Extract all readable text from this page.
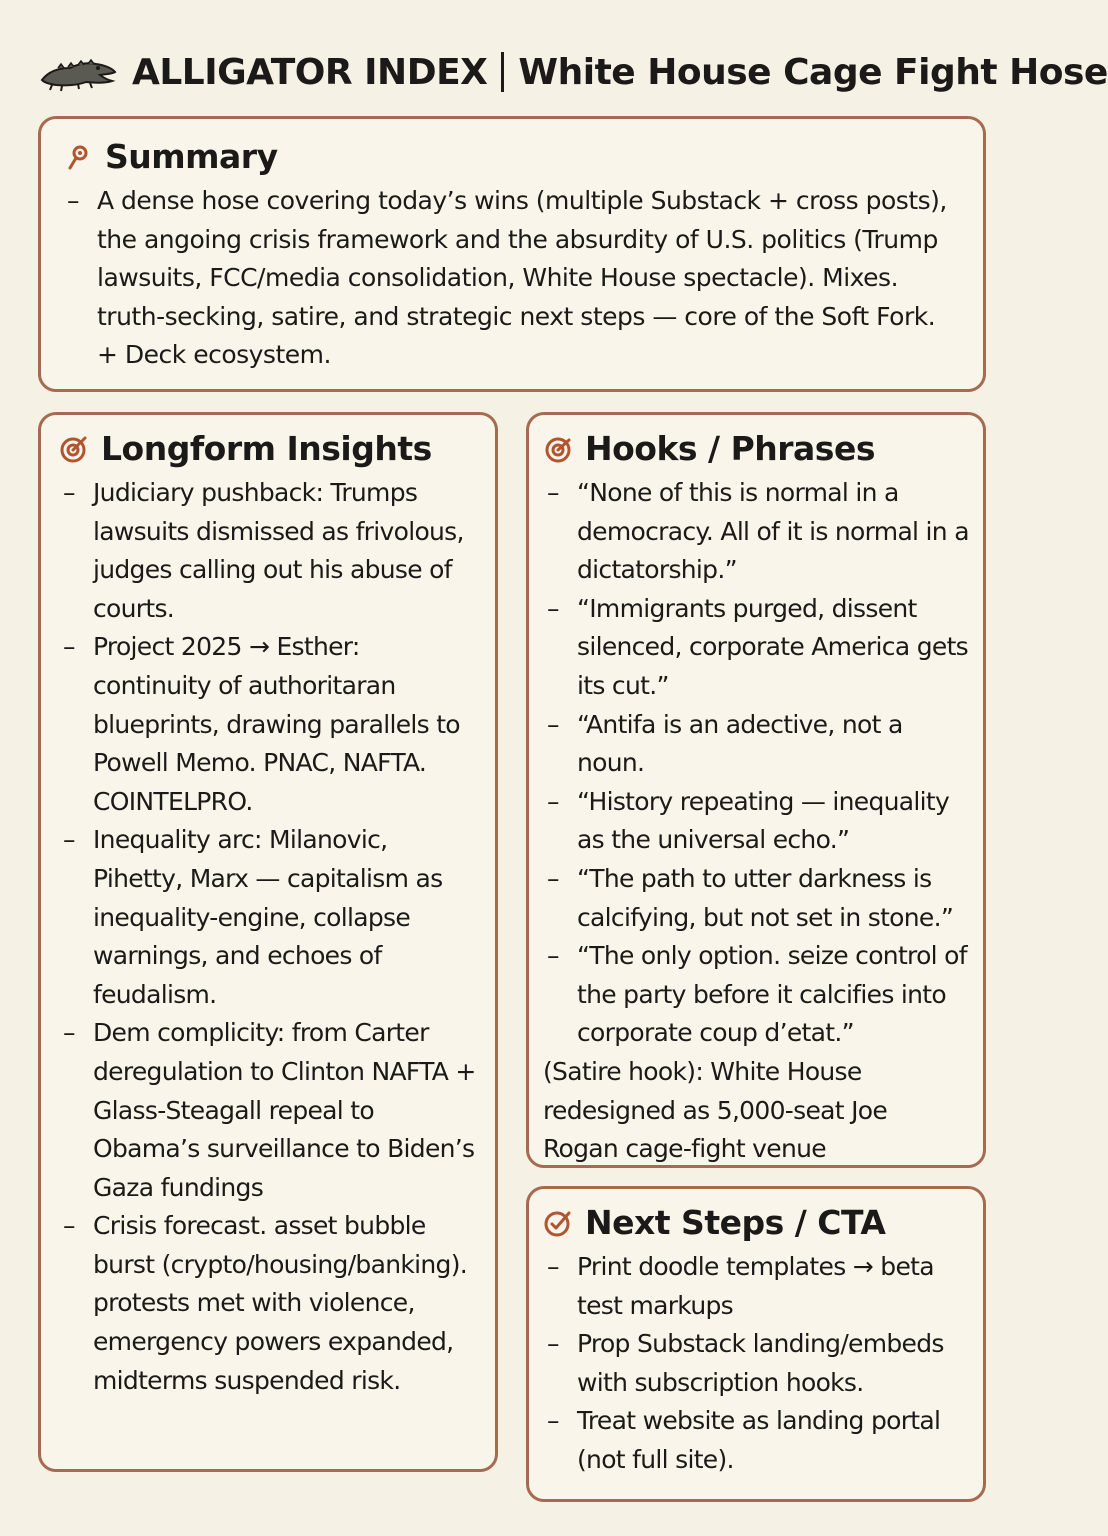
ALLIGATOR INDEX White House Cage Fight Hose
Summary
– A dense hose covering today’s wins (multiple Substack + cross posts), the angoing crisis framework and the absurdity of U.S. politics (Trump lawsuits, FCC/media consolidation, White House spectacle). Mixes. truth-secking, satire, and strategic next steps — core of the Soft Fork. + Deck ecosystem.
Longform Insights
– Judiciary pushback: Trumps lawsuits dismissed as frivolous, judges calling out his abuse of courts.
– Project 2025 → Esther: continuity of authoritaran blueprints, drawing parallels to Powell Memo. PNAC, NAFTA. COINTELPRO.
– Inequality arc: Milanovic, Pihetty, Marx — capitalism as inequality-engine, collapse warnings, and echoes of feudalism.
– Dem complicity: from Carter deregulation to Clinton NAFTA + Glass-Steagall repeal to Obama’s surveillance to Biden’s Gaza fundings
– Crisis forecast. asset bubble burst (crypto/housing/banking). protests met with violence, emergency powers expanded, midterms suspended risk.
Hooks / Phrases
– “None of this is normal in a democracy. All of it is normal in a dictatorship.”
– “Immigrants purged, dissent silenced, corporate America gets its cut.”
– “Antifa is an adective, not a noun.
– “History repeating — inequality as the universal echo.”
– “The path to utter darkness is calcifying, but not set in stone.”
– “The only option. seize control of the party before it calcifies into corporate coup d’etat.”
(Satire hook): White House redesigned as 5,000-seat Joe Rogan cage-fight venue
Next Steps / CTA
– Print doodle templates → beta test markups
– Prop Substack landing/embeds with subscription hooks.
– Treat website as landing portal (not full site).
